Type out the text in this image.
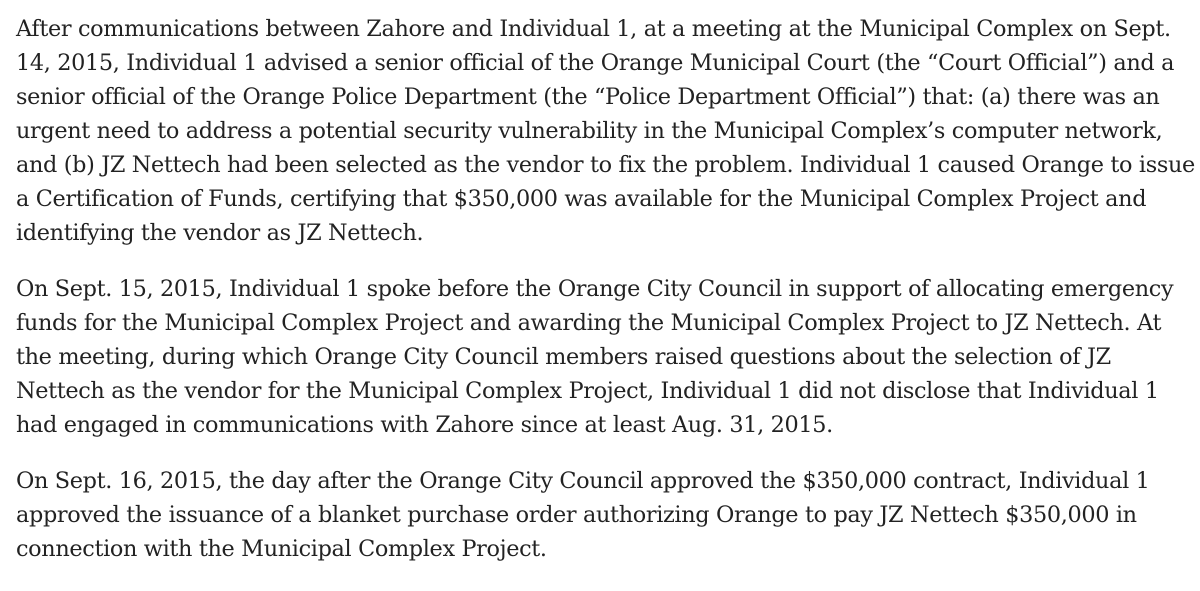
After communications between Zahore and Individual 1, at a meeting at the Municipal Complex on Sept.
14, 2015, Individual 1 advised a senior official of the Orange Municipal Court (the “Court Official”) and a
senior official of the Orange Police Department (the “Police Department Official”) that: (a) there was an
urgent need to address a potential security vulnerability in the Municipal Complex’s computer network,
and (b) JZ Nettech had been selected as the vendor to fix the problem. Individual 1 caused Orange to issue
a Certification of Funds, certifying that $350,000 was available for the Municipal Complex Project and
identifying the vendor as JZ Nettech.

On Sept. 15, 2015, Individual 1 spoke before the Orange City Council in support of allocating emergency
funds for the Municipal Complex Project and awarding the Municipal Complex Project to JZ Nettech. At
the meeting, during which Orange City Council members raised questions about the selection of JZ
Nettech as the vendor for the Municipal Complex Project, Individual 1 did not disclose that Individual 1
had engaged in communications with Zahore since at least Aug. 31, 2015.

On Sept. 16, 2015, the day after the Orange City Council approved the $350,000 contract, Individual 1
approved the issuance of a blanket purchase order authorizing Orange to pay JZ Nettech $350,000 in
connection with the Municipal Complex Project.
